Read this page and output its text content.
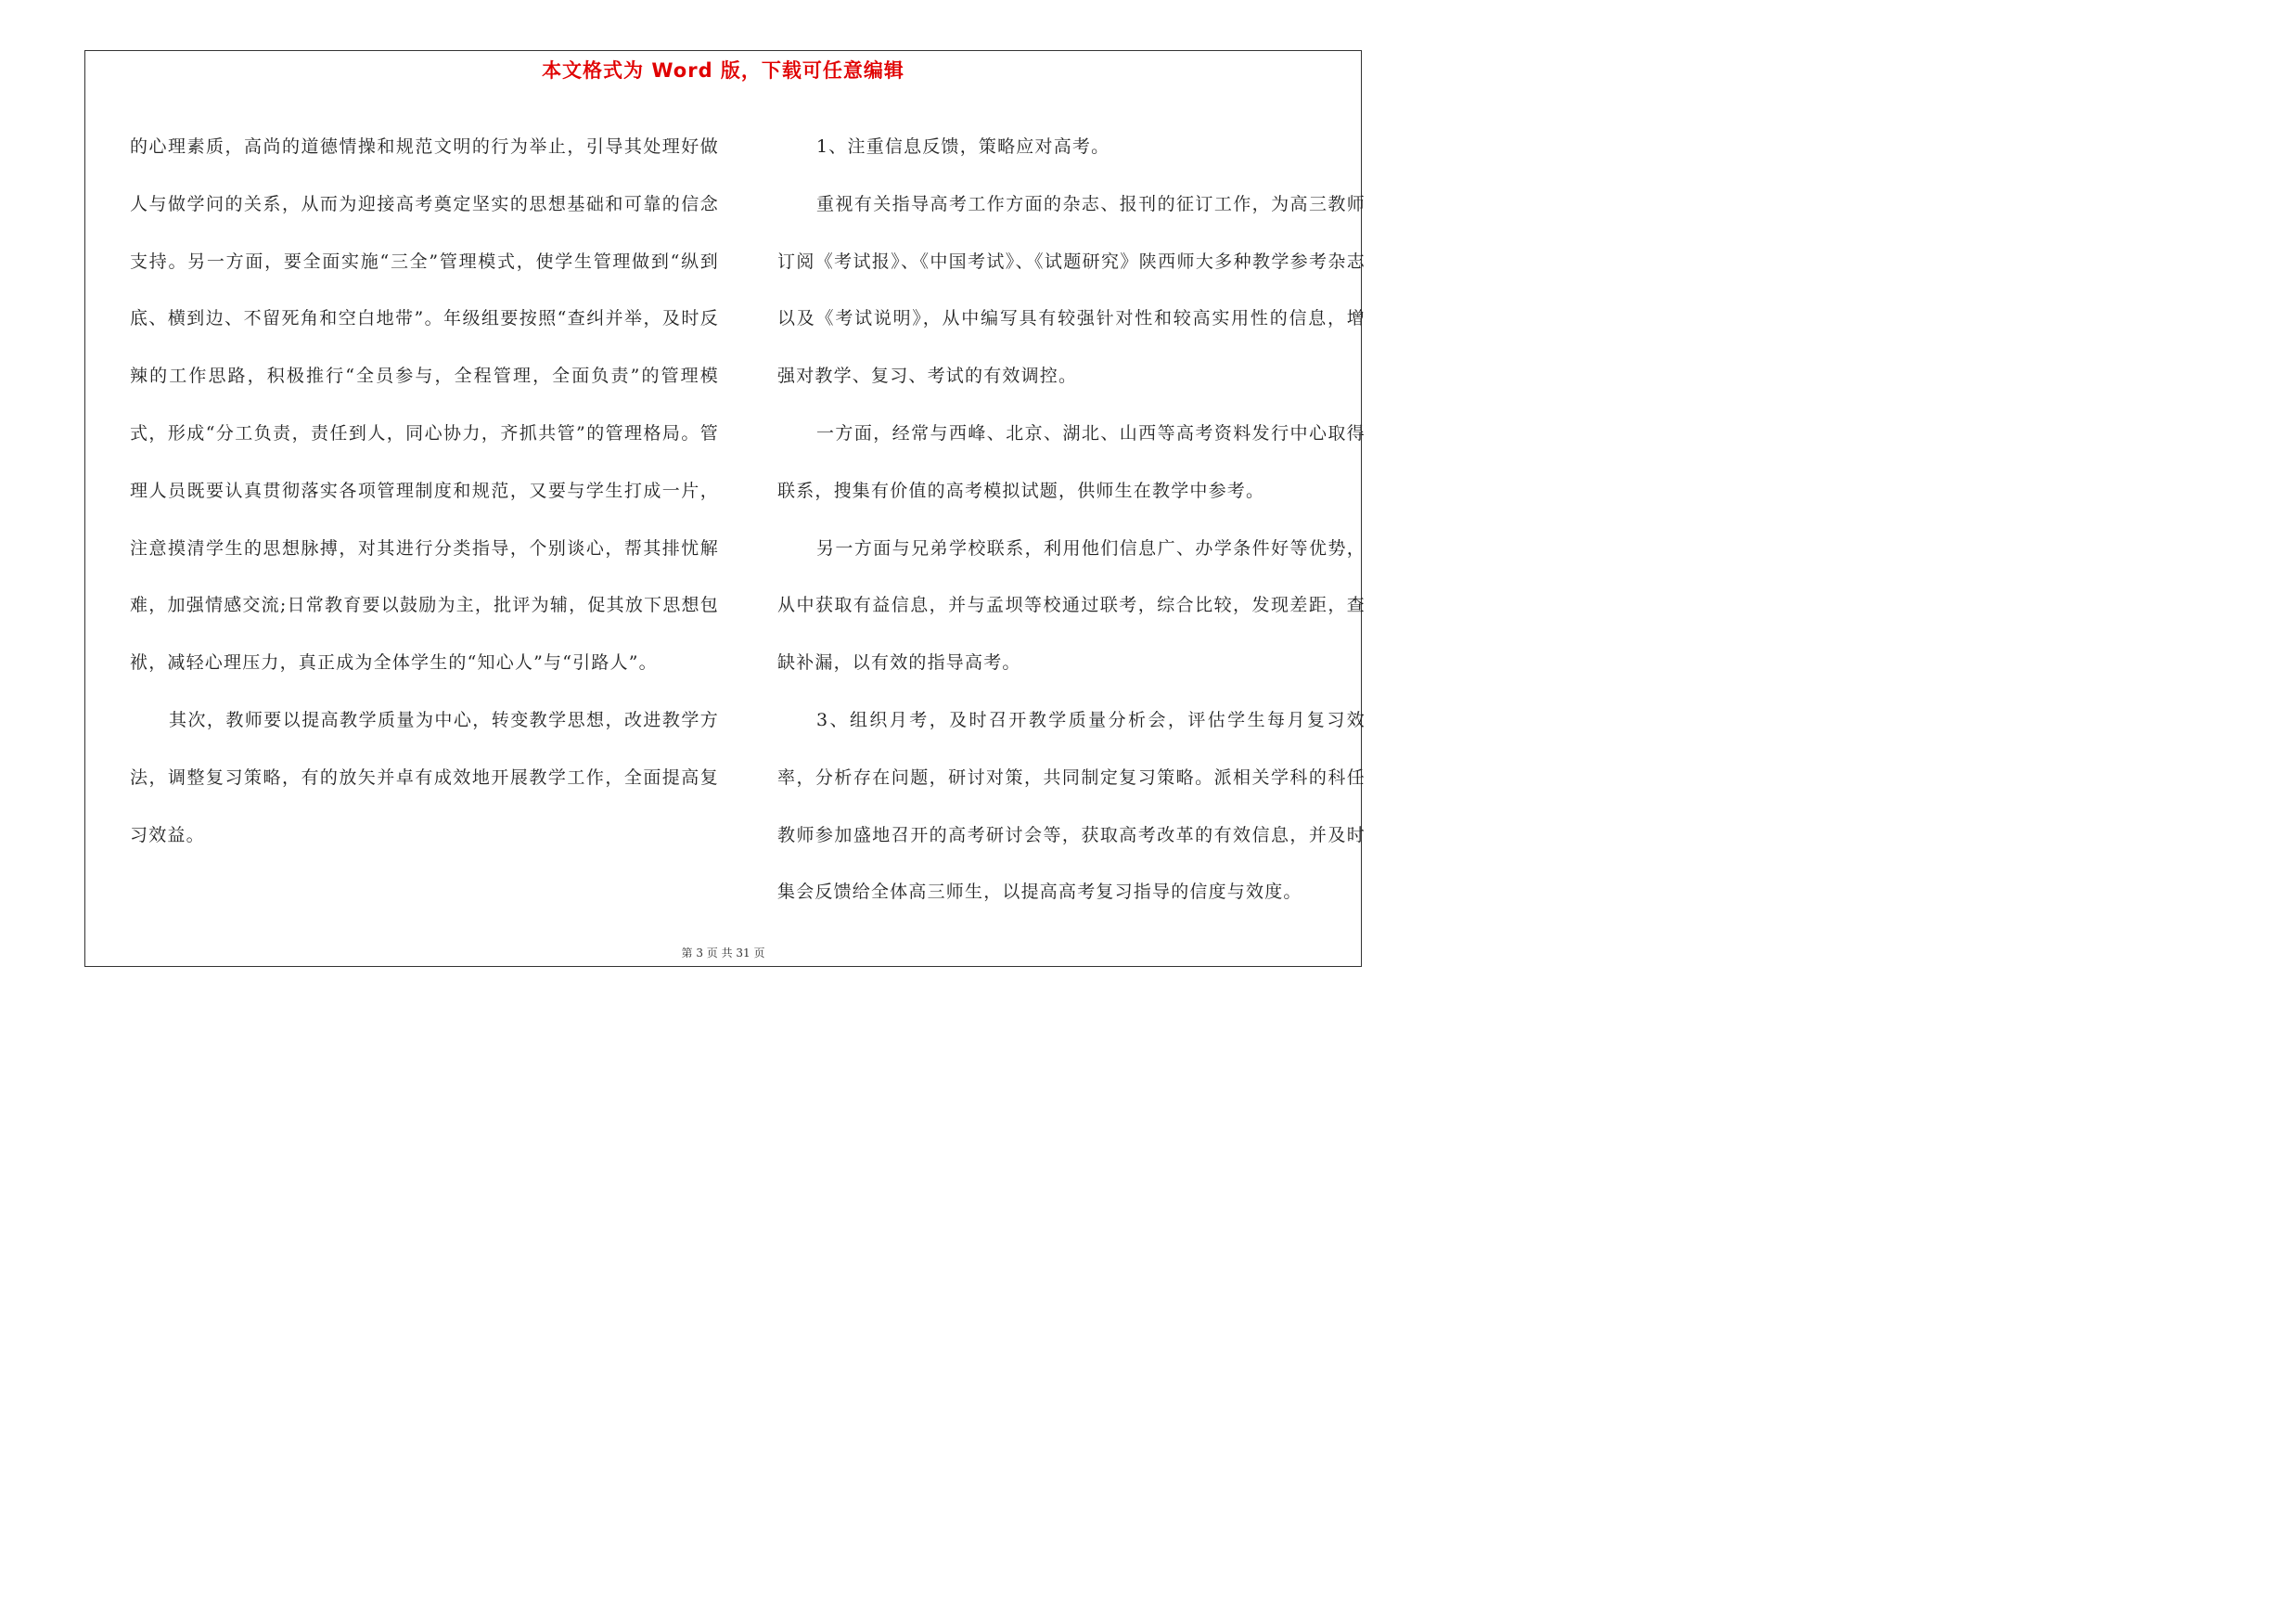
本文格式为 Word 版，下载可任意编辑

的心理素质，高尚的道德情操和规范文明的行为举止，引导其处理好做人与做学问的关系，从而为迎接高考奠定坚实的思想基础和可靠的信念支持。另一方面，要全面实施“三全”管理模式，使学生管理做到“纵到底、横到边、不留死角和空白地带”。年级组要按照“查纠并举，及时反辣的工作思路，积极推行“全员参与，全程管理，全面负责”的管理模式，形成“分工负责，责任到人，同心协力，齐抓共管”的管理格局。管理人员既要认真贯彻落实各项管理制度和规范，又要与学生打成一片，注意摸清学生的思想脉搏，对其进行分类指导，个别谈心，帮其排忧解难，加强情感交流;日常教育要以鼓励为主，批评为辅，促其放下思想包袱，减轻心理压力，真正成为全体学生的“知心人”与“引路人”。

其次，教师要以提高教学质量为中心，转变教学思想，改进教学方法，调整复习策略，有的放矢并卓有成效地开展教学工作，全面提高复习效益。

1、注重信息反馈，策略应对高考。

重视有关指导高考工作方面的杂志、报刊的征订工作，为高三教师订阅《考试报》、《中国考试》、《试题研究》陕西师大多种教学参考杂志以及《考试说明》，从中编写具有较强针对性和较高实用性的信息，增强对教学、复习、考试的有效调控。

一方面，经常与西峰、北京、湖北、山西等高考资料发行中心取得联系，搜集有价值的高考模拟试题，供师生在教学中参考。

另一方面与兄弟学校联系，利用他们信息广、办学条件好等优势，从中获取有益信息，并与孟坝等校通过联考，综合比较，发现差距，查缺补漏，以有效的指导高考。

3、组织月考，及时召开教学质量分析会，评估学生每月复习效率，分析存在问题，研讨对策，共同制定复习策略。派相关学科的科任教师参加盛地召开的高考研讨会等，获取高考改革的有效信息，并及时集会反馈给全体高三师生，以提高高考复习指导的信度与效度。

第 3 页 共 31 页
